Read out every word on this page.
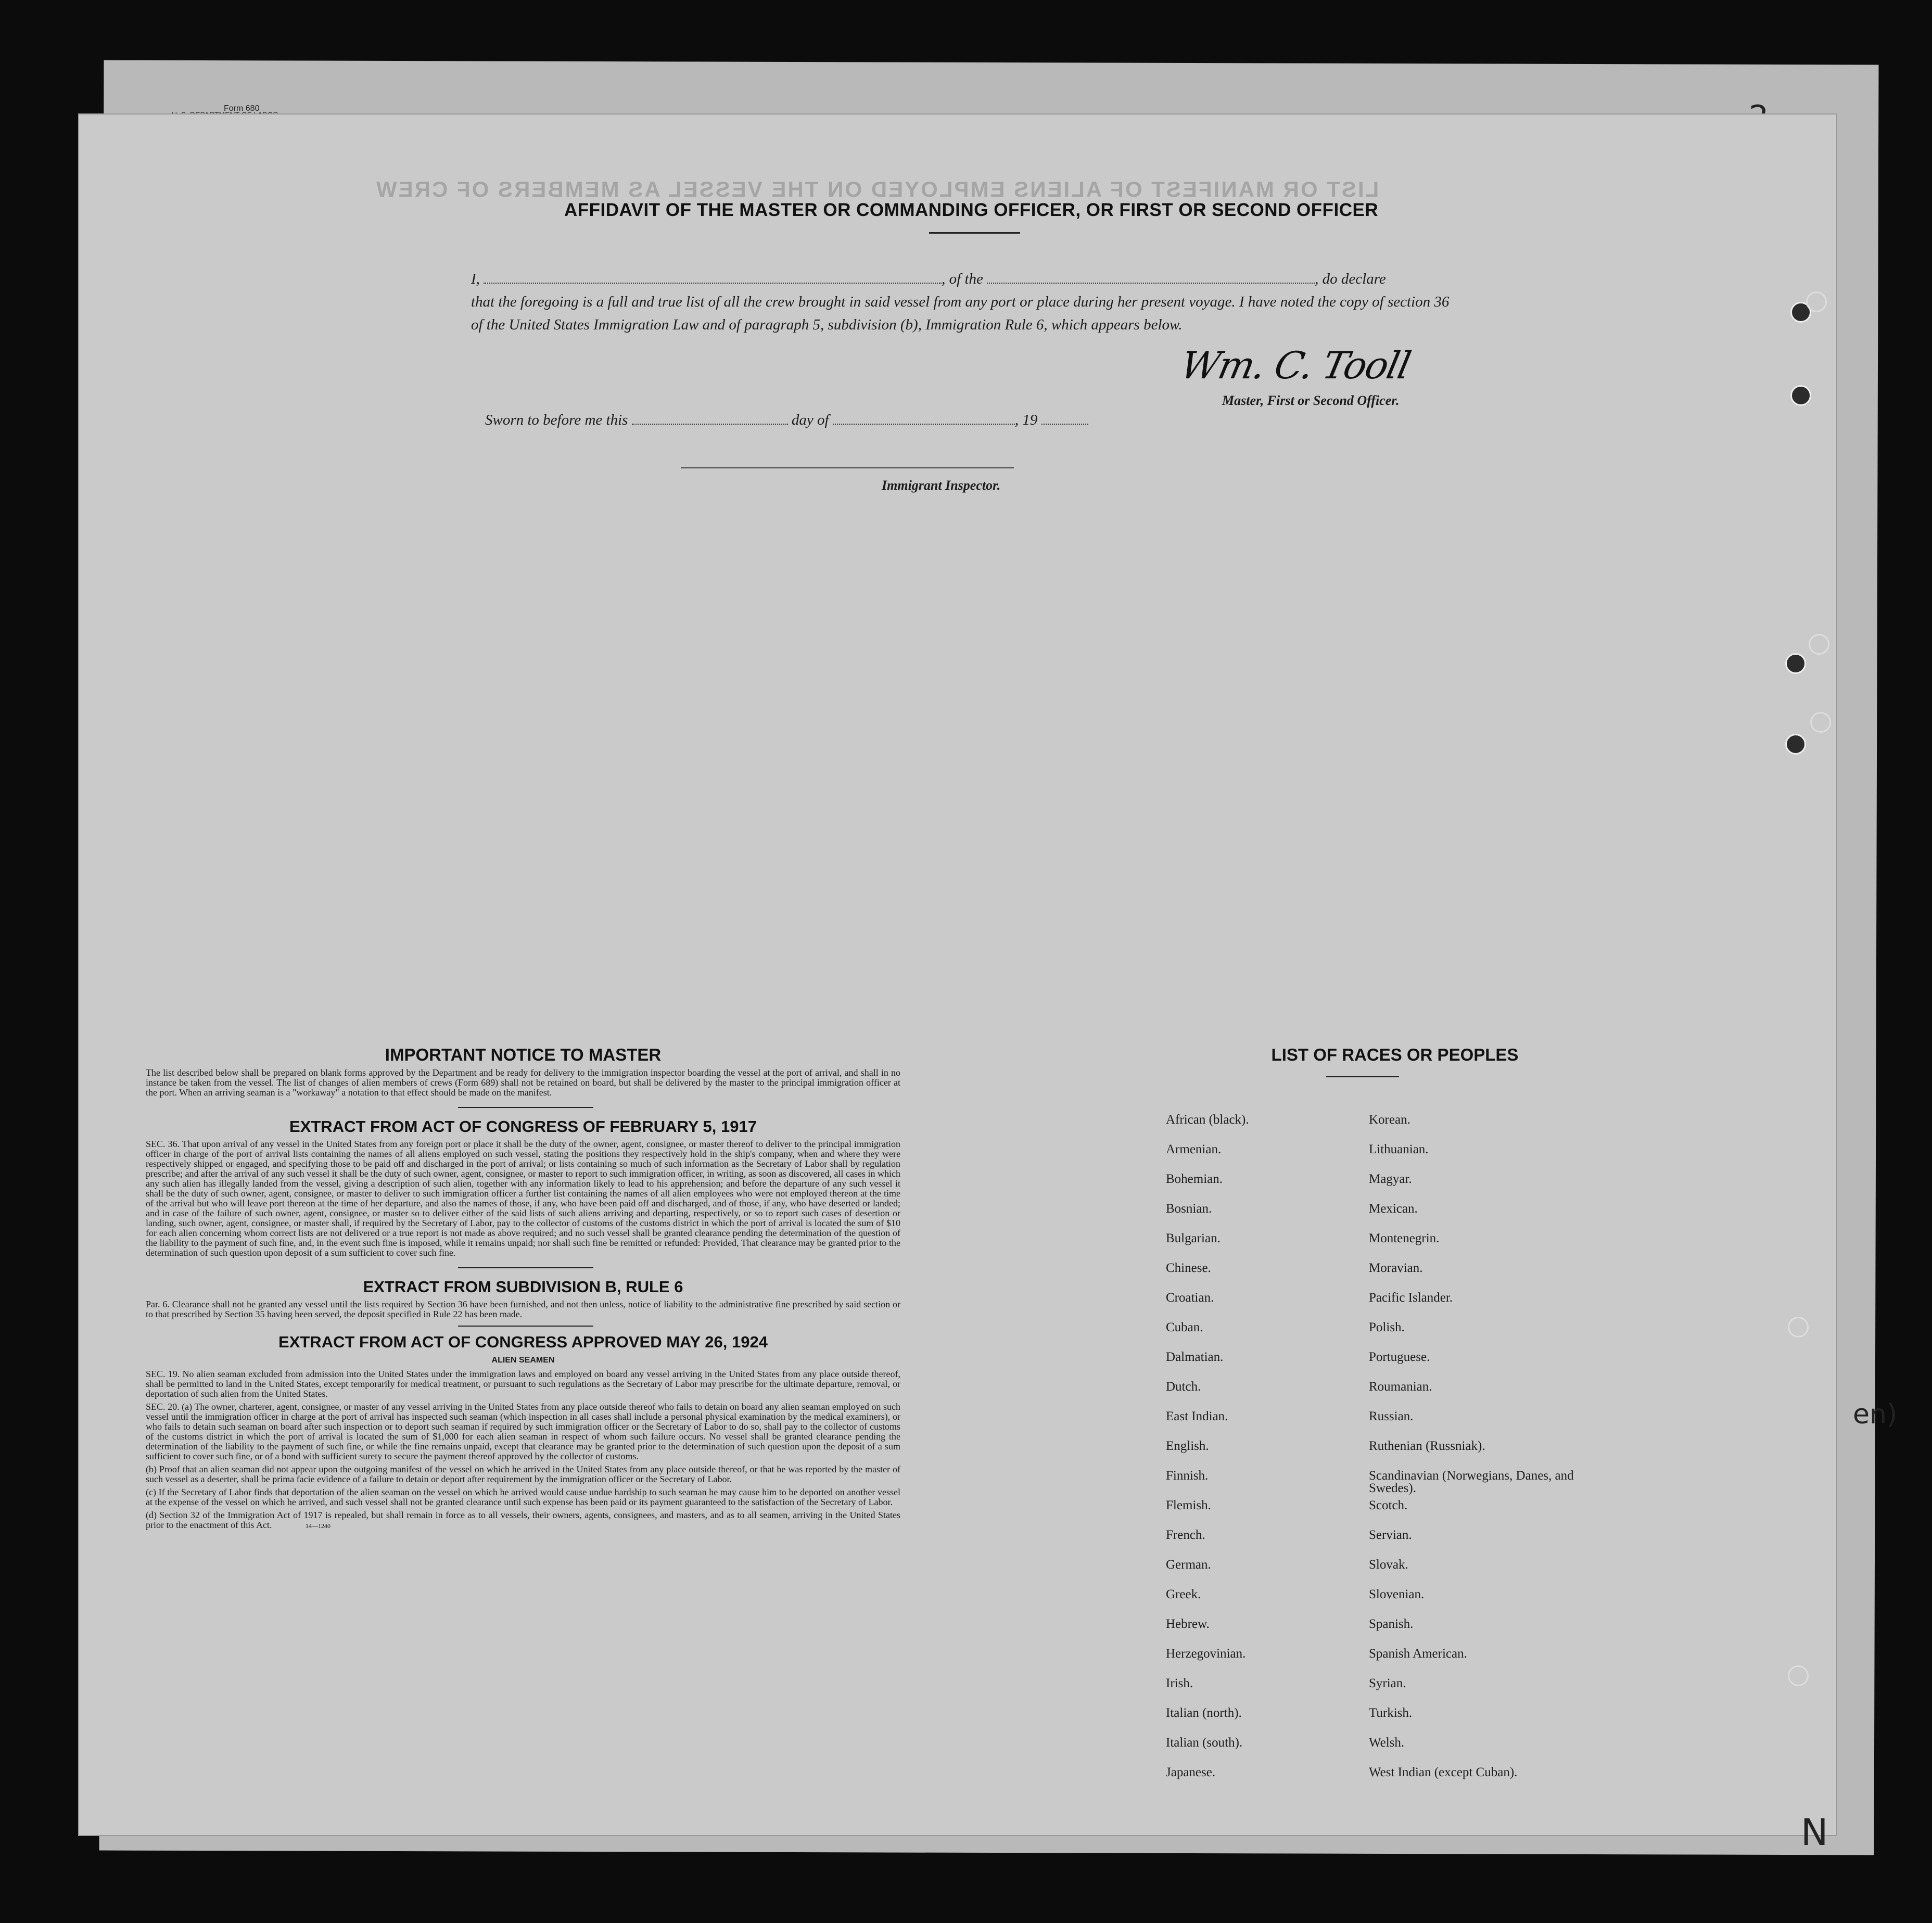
Form 680
LIST OR MANIFEST OF ALIENS EMPLOYED ON THE VESSEL AS MEMBERS OF CREW
AFFIDAVIT OF THE MASTER OR COMMANDING OFFICER, OR FIRST OR SECOND OFFICER

I,	, of the	, do declare

that the foregoing is a full and true list of all the crew brought in said vessel from any port or place during her present voyage. I have noted the copy of section 36 of the United States Immigration Law and of paragraph 5, subdivision (b), Immigration Rule 6, which appears below.

Wm. C. Tooll
Master, First or Second Officer.
Sworn to before me this	day of	, 19
Immigrant Inspector.
IMPORTANT NOTICE TO MASTER

The list described below shall be prepared on blank forms approved by the Department and be ready for delivery to the immigration inspector boarding the vessel at the port of arrival, and shall in no instance be taken from the vessel. The list of changes of alien members of crews (Form 689) shall not be retained on board, but shall be delivered by the master to the principal immigration officer at the port. When an arriving seaman is a "workaway" a notation to that effect should be made on the manifest.

EXTRACT FROM ACT OF CONGRESS OF FEBRUARY 5, 1917

SEC. 36. That upon arrival of any vessel in the United States from any foreign port or place it shall be the duty of the owner, agent, consignee, or master thereof to deliver to the principal immigration officer in charge of the port of arrival lists containing the names of all aliens employed on such vessel, stating the positions they respectively hold in the ship's company, when and where they were respectively shipped or engaged, and specifying those to be paid off and discharged in the port of arrival; or lists containing so much of such information as the Secretary of Labor shall by regulation prescribe; and after the arrival of any such vessel it shall be the duty of such owner, agent, consignee, or master to report to such immigration officer, in writing, as soon as discovered, all cases in which any such alien has illegally landed from the vessel, giving a description of such alien, together with any information likely to lead to his apprehension; and before the departure of any such vessel it shall be the duty of such owner, agent, consignee, or master to deliver to such immigration officer a further list containing the names of all alien employees who were not employed thereon at the time of the arrival but who will leave port thereon at the time of her departure, and also the names of those, if any, who have been paid off and discharged, and of those, if any, who have deserted or landed; and in case of the failure of such owner, agent, consignee, or master so to deliver either of the said lists of such aliens arriving and departing, respectively, or so to report such cases of desertion or landing, such owner, agent, consignee, or master shall, if required by the Secretary of Labor, pay to the collector of customs of the customs district in which the port of arrival is located the sum of $10 for each alien concerning whom correct lists are not delivered or a true report is not made as above required; and no such vessel shall be granted clearance pending the determination of the question of the liability to the payment of such fine, and, in the event such fine is imposed, while it remains unpaid; nor shall such fine be remitted or refunded: Provided, That clearance may be granted prior to the determination of such question upon deposit of a sum sufficient to cover such fine.

EXTRACT FROM SUBDIVISION B, RULE 6

Par. 6. Clearance shall not be granted any vessel until the lists required by Section 36 have been furnished, and not then unless, notice of liability to the administrative fine prescribed by said section or to that prescribed by Section 35 having been served, the deposit specified in Rule 22 has been made.

EXTRACT FROM ACT OF CONGRESS APPROVED MAY 26, 1924
ALIEN SEAMEN

SEC. 19. No alien seaman excluded from admission into the United States under the immigration laws and employed on board any vessel arriving in the United States from any place outside thereof, shall be permitted to land in the United States, except temporarily for medical treatment, or pursuant to such regulations as the Secretary of Labor may prescribe for the ultimate departure, removal, or deportation of such alien from the United States.

SEC. 20. (a) The owner, charterer, agent, consignee, or master of any vessel arriving in the United States from any place outside thereof who fails to detain on board any alien seaman employed on such vessel until the immigration officer in charge at the port of arrival has inspected such seaman (which inspection in all cases shall include a personal physical examination by the medical examiners), or who fails to detain such seaman on board after such inspection or to deport such seaman if required by such immigration officer or the Secretary of Labor to do so, shall pay to the collector of customs of the customs district in which the port of arrival is located the sum of $1,000 for each alien seaman in respect of whom such failure occurs. No vessel shall be granted clearance pending the determination of the liability to the payment of such fine, or while the fine remains unpaid, except that clearance may be granted prior to the determination of such question upon the deposit of a sum sufficient to cover such fine, or of a bond with sufficient surety to secure the payment thereof approved by the collector of customs.

(b) Proof that an alien seaman did not appear upon the outgoing manifest of the vessel on which he arrived in the United States from any place outside thereof, or that he was reported by the master of such vessel as a deserter, shall be prima facie evidence of a failure to detain or deport after requirement by the immigration officer or the Secretary of Labor.

(c) If the Secretary of Labor finds that deportation of the alien seaman on the vessel on which he arrived would cause undue hardship to such seaman he may cause him to be deported on another vessel at the expense of the vessel on which he arrived, and such vessel shall not be granted clearance until such expense has been paid or its payment guaranteed to the satisfaction of the Secretary of Labor.

(d) Section 32 of the Immigration Act of 1917 is repealed, but shall remain in force as to all vessels, their owners, agents, consignees, and masters, and as to all seamen, arriving in the United States prior to the enactment of this Act.	14—1240

LIST OF RACES OR PEOPLES
African (black).	Korean.
Armenian.	Lithuanian.
Bohemian.	Magyar.
Bosnian.	Mexican.
Bulgarian.	Montenegrin.
Chinese.	Moravian.
Croatian.	Pacific Islander.
Cuban.	Polish.
Dalmatian.	Portuguese.
Dutch.	Roumanian.
East Indian.	Russian.
English.	Ruthenian (Russniak).
Finnish.	Scandinavian (Norwegians, Danes, and Swedes).
Flemish.	Scotch.
French.	Servian.
German.	Slovak.
Greek.	Slovenian.
Hebrew.	Spanish.
Herzegovinian.	Spanish American.
Irish.	Syrian.
Italian (north).	Turkish.
Italian (south).	Welsh.
Japanese.	West Indian (except Cuban).
N
en)
